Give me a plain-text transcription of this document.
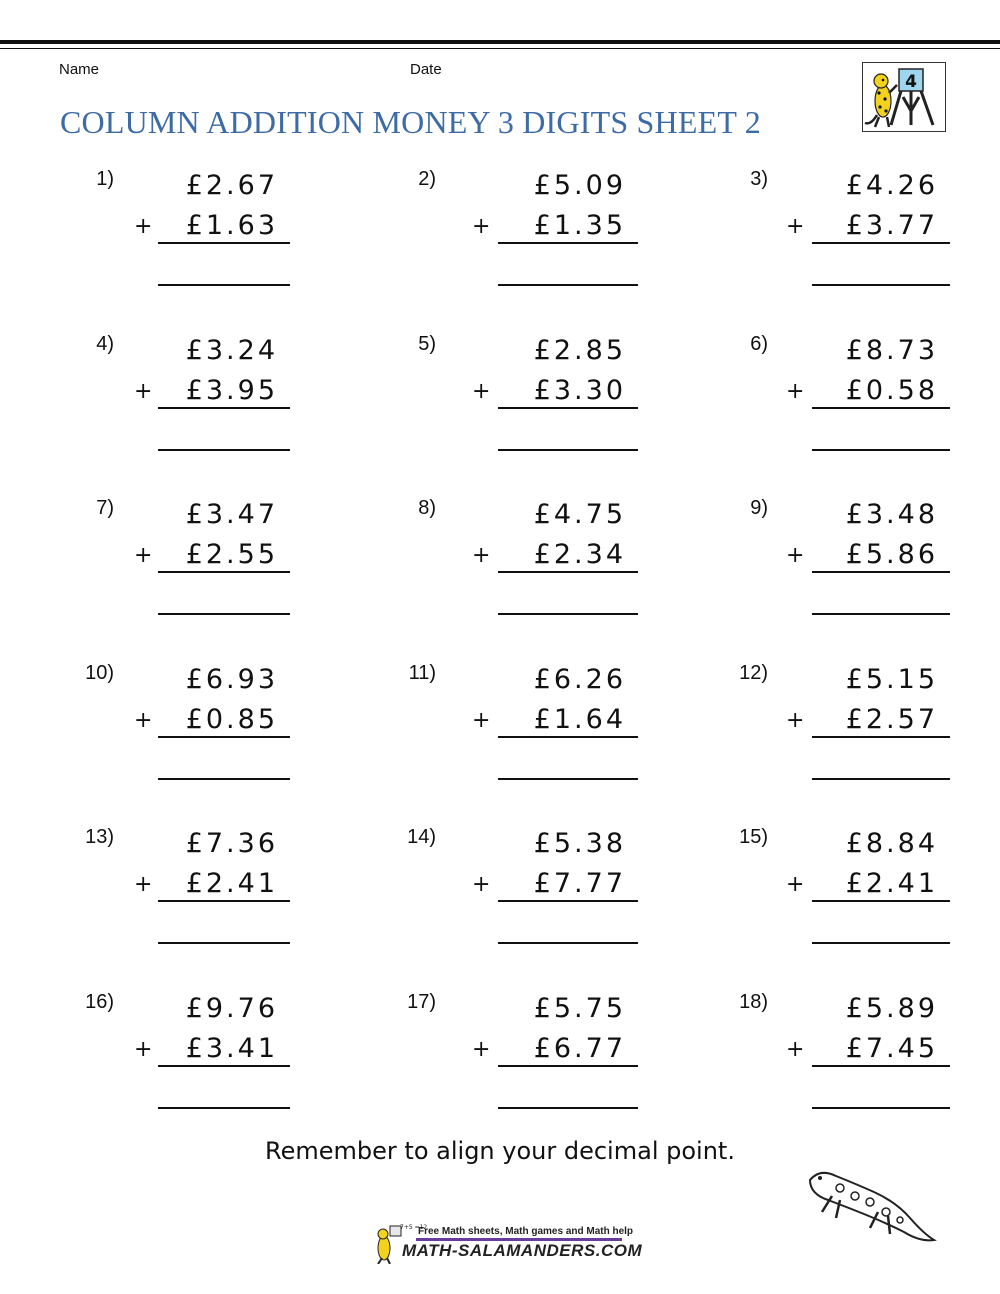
Name	Date
COLUMN ADDITION MONEY 3 DIGITS SHEET 2
4
1)	£2.67
+	£1.63
2)	£5.09
+	£1.35
3)	£4.26
+	£3.77
4)	£3.24
+	£3.95
5)	£2.85
+	£3.30
6)	£8.73
+	£0.58
7)	£3.47
+	£2.55
8)	£4.75
+	£2.34
9)	£3.48
+	£5.86
10)	£6.93
+	£0.85
11)	£6.26
+	£1.64
12)	£5.15
+	£2.57
13)	£7.36
+	£2.41
14)	£5.38
+	£7.77
15)	£8.84
+	£2.41
16)	£9.76
+	£3.41
17)	£5.75
+	£6.77
18)	£5.89
+	£7.45
Remember to align your decimal point.
7+5 =12
Free Math sheets, Math games and Math help
MATH-SALAMANDERS.COM
